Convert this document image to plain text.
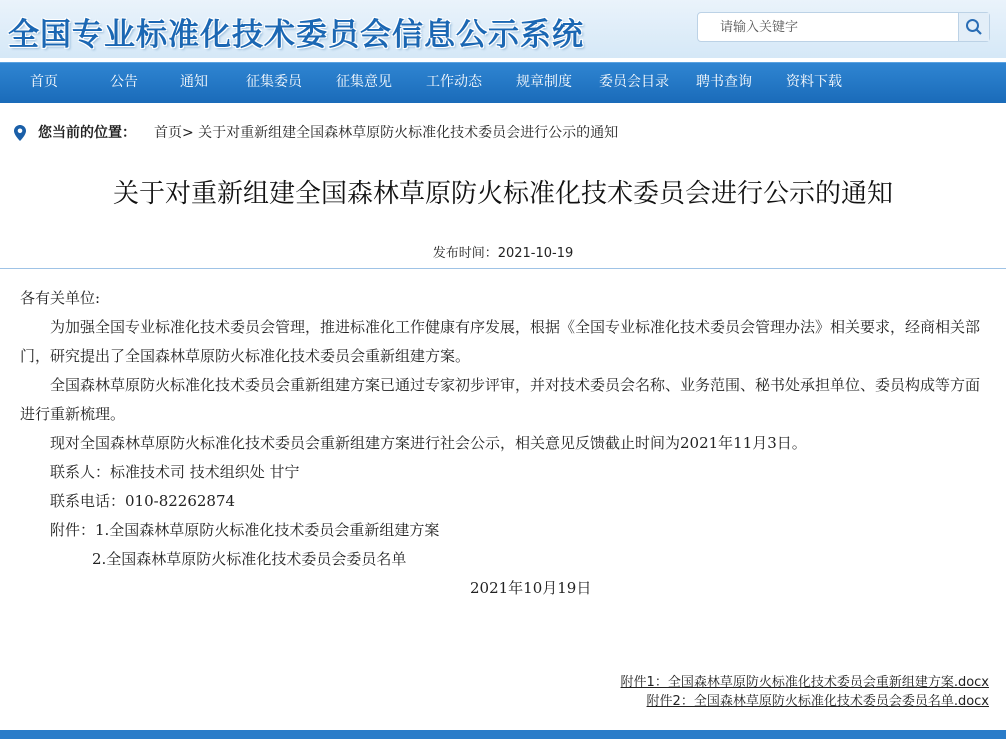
全国专业标准化技术委员会信息公示系统
请输入关键字
首页	公告	通知	征集委员 征集意见 工作动态 规章制度 委员会目录 聘书查询 资料下载
您当前的位置： 首页> 关于对重新组建全国森林草原防火标准化技术委员会进行公示的通知
关于对重新组建全国森林草原防火标准化技术委员会进行公示的通知
发布时间：2021-10-19

各有关单位:

为加强全国专业标准化技术委员会管理，推进标准化工作健康有序发展，根据《全国专业标准化技术委员会管理办法》相关要求，经商相关部门，研究提出了全国森林草原防火标准化技术委员会重新组建方案。

全国森林草原防火标准化技术委员会重新组建方案已通过专家初步评审，并对技术委员会名称、业务范围、秘书处承担单位、委员构成等方面进行重新梳理。

现对全国森林草原防火标准化技术委员会重新组建方案进行社会公示，相关意见反馈截止时间为2021年11月3日。

联系人：标准技术司 技术组织处 甘宁

联系电话：010-82262874

附件：1.全国森林草原防火标准化技术委员会重新组建方案

2.全国森林草原防火标准化技术委员会委员名单

2021年10月19日

附件1：全国森林草原防火标准化技术委员会重新组建方案.docx
附件2：全国森林草原防火标准化技术委员会委员名单.docx
